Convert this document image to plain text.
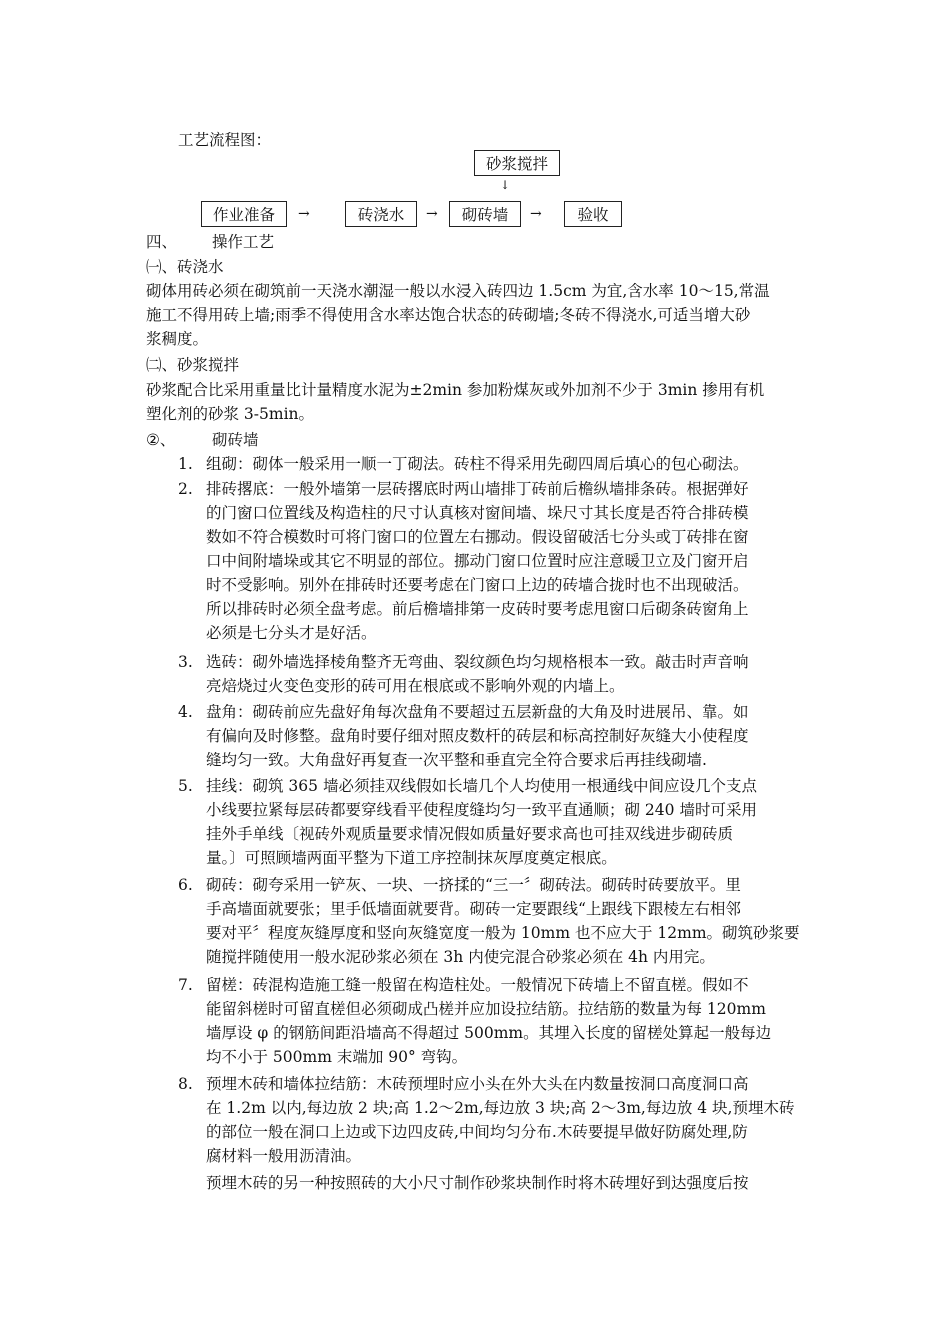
工艺流程图：
砂浆搅拌
↓
作业准备	→	砖浇水	→	砌砖墙	→	验收
四、 操作工艺
㈠、砖浇水
砌体用砖必须在砌筑前一天浇水潮湿一般以水浸入砖四边 1.5cm 为宜,含水率 10～15,常温
施工不得用砖上墙;雨季不得使用含水率达饱合状态的砖砌墙;冬砖不得浇水,可适当增大砂
浆稠度。
㈡、砂浆搅拌
砂浆配合比采用重量比计量精度水泥为±2min 参加粉煤灰或外加剂不少于 3min 掺用有机
塑化剂的砂浆 3-5min。
②、 砌砖墙
1. 组砌：砌体一般采用一顺一丁砌法。砖柱不得采用先砌四周后填心的包心砌法。
2. 排砖撂底：一般外墙第一层砖撂底时两山墙排丁砖前后檐纵墙排条砖。根据弹好
的门窗口位置线及构造柱的尺寸认真核对窗间墙、垛尺寸其长度是否符合排砖模
数如不符合模数时可将门窗口的位置左右挪动。假设留破活七分头或丁砖排在窗
口中间附墙垛或其它不明显的部位。挪动门窗口位置时应注意暖卫立及门窗开启
时不受影响。别外在排砖时还要考虑在门窗口上边的砖墙合拢时也不出现破活。
所以排砖时必须全盘考虑。前后檐墙排第一皮砖时要考虑甩窗口后砌条砖窗角上
必须是七分头才是好活。
3. 选砖：砌外墙选择棱角整齐无弯曲、裂纹颜色均匀规格根本一致。敲击时声音响
亮焙烧过火变色变形的砖可用在根底或不影响外观的内墙上。
4. 盘角：砌砖前应先盘好角每次盘角不要超过五层新盘的大角及时进展吊、靠。如
有偏向及时修整。盘角时要仔细对照皮数杆的砖层和标高控制好灰缝大小使程度
缝均匀一致。大角盘好再复查一次平整和垂直完全符合要求后再挂线砌墙.
5. 挂线：砌筑 365 墙必须挂双线假如长墙几个人均使用一根通线中间应设几个支点
小线要拉紧每层砖都要穿线看平使程度缝均匀一致平直通顺；砌 240 墙时可采用
挂外手单线〔视砖外观质量要求情况假如质量好要求高也可挂双线进步砌砖质
量。〕可照顾墙两面平整为下道工序控制抹灰厚度奠定根底。
6. 砌砖：砌夸采用一铲灰、一块、一挤揉的“三一〞砌砖法。砌砖时砖要放平。里
手高墙面就要张；里手低墙面就要背。砌砖一定要跟线“上跟线下跟棱左右相邻
要对平〞程度灰缝厚度和竖向灰缝宽度一般为 10mm 也不应大于 12mm。砌筑砂浆要
随搅拌随使用一般水泥砂浆必须在 3h 内使完混合砂浆必须在 4h 内用完。
7. 留槎：砖混构造施工缝一般留在构造柱处。一般情况下砖墙上不留直槎。假如不
能留斜槎时可留直槎但必须砌成凸槎并应加设拉结筋。拉结筋的数量为每 120mm
墙厚设 φ 的钢筋间距沿墙高不得超过 500mm。其埋入长度的留槎处算起一般每边
均不小于 500mm 末端加 90° 弯钩。
8. 预埋木砖和墙体拉结筋：木砖预埋时应小头在外大头在内数量按洞口高度洞口高
在 1.2m 以内,每边放 2 块;高 1.2～2m,每边放 3 块;高 2～3m,每边放 4 块,预埋木砖
的部位一般在洞口上边或下边四皮砖,中间均匀分布.木砖要提早做好防腐处理,防
腐材料一般用沥清油。
预埋木砖的另一种按照砖的大小尺寸制作砂浆块制作时将木砖埋好到达强度后按
